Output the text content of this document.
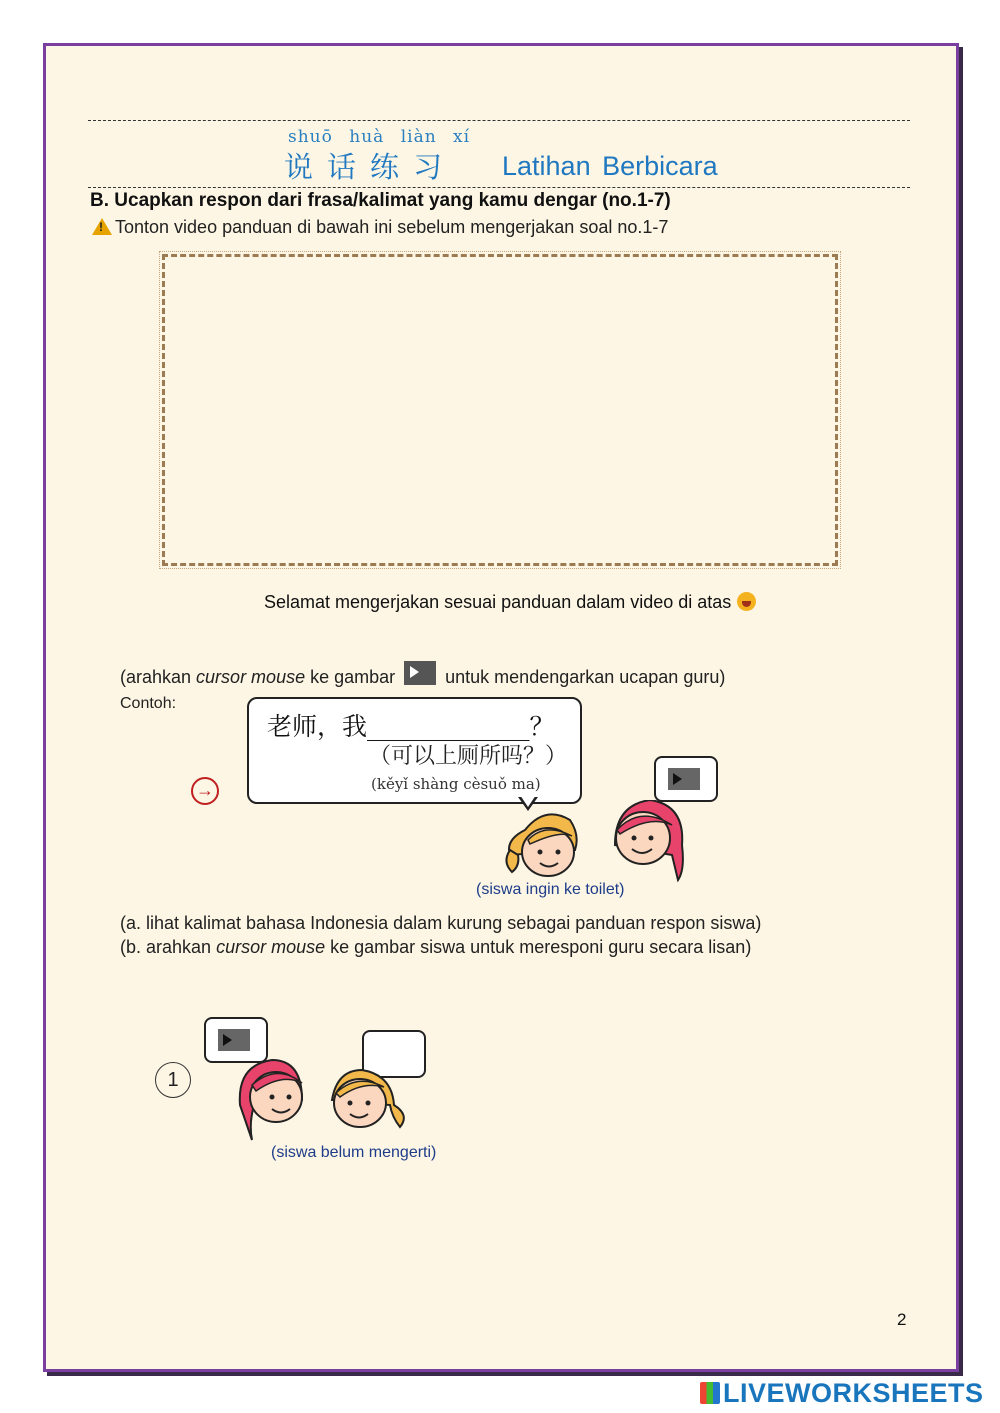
shuō huà liàn xí
说话练习 Latihan Berbicara
B. Ucapkan respon dari frasa/kalimat yang kamu dengar (no.1-7)
!Tonton video panduan di bawah ini sebelum mengerjakan soal no.1-7
Selamat mengerjakan sesuai panduan dalam video di atas
(arahkan cursor mouse ke gambar  untuk mendengarkan ucapan guru)
Contoh:
→
老师，我_____________？
（可以上厕所吗？）
(kěyǐ shàng cèsuǒ ma)
(siswa ingin ke toilet)
(a. lihat kalimat bahasa Indonesia dalam kurung sebagai panduan respon siswa)
(b. arahkan cursor mouse ke gambar siswa untuk meresponi guru secara lisan)
1
(siswa belum mengerti)
2
LIVEWORKSHEETS
